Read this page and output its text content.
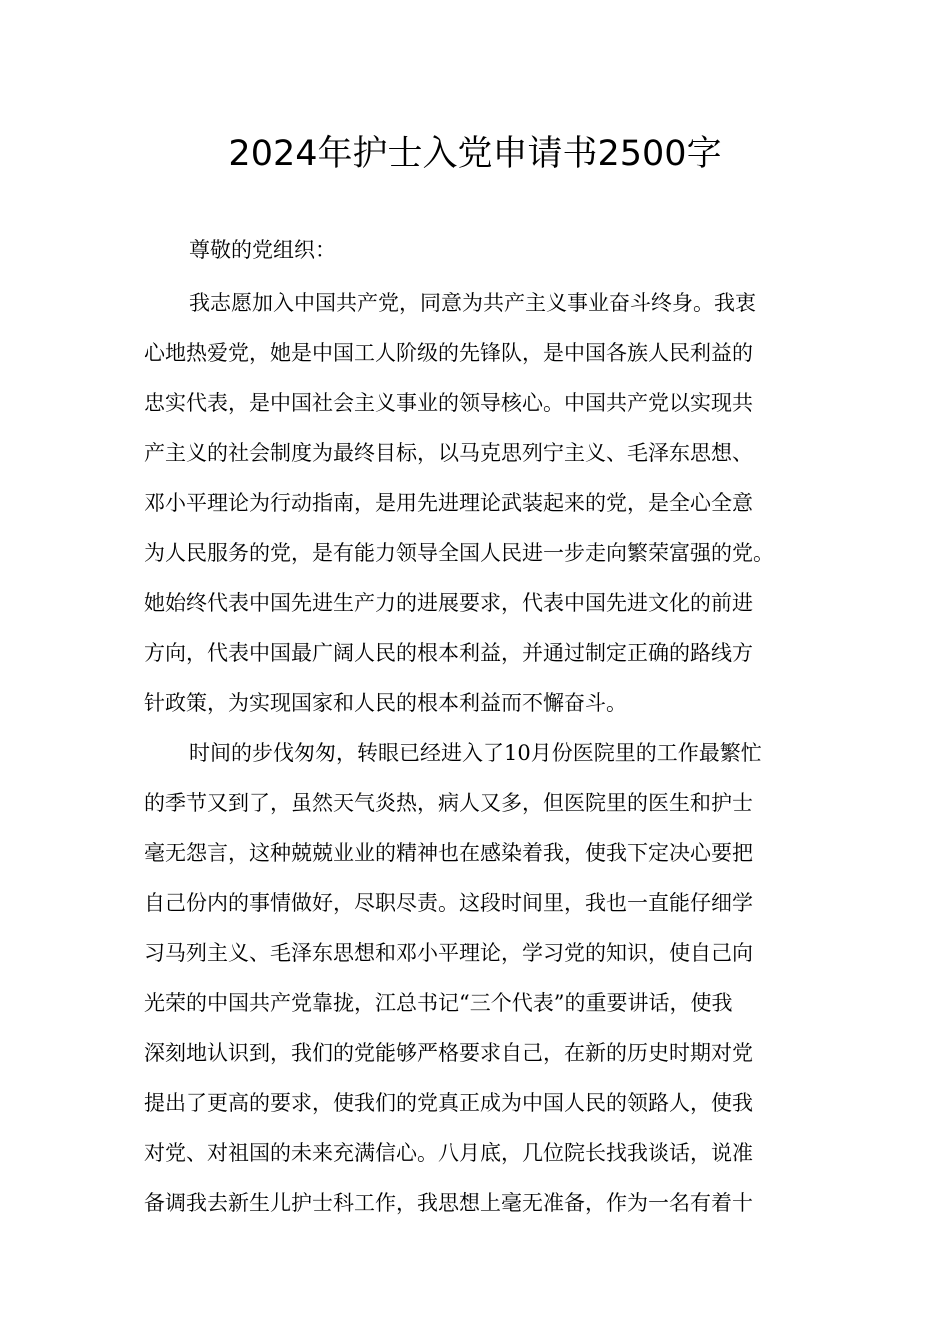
2024年护士入党申请书2500字

尊敬的党组织：

我志愿加入中国共产党，同意为共产主义事业奋斗终身。我衷
心地热爱党，她是中国工人阶级的先锋队，是中国各族人民利益的
忠实代表，是中国社会主义事业的领导核心。中国共产党以实现共
产主义的社会制度为最终目标，以马克思列宁主义、毛泽东思想、
邓小平理论为行动指南，是用先进理论武装起来的党，是全心全意
为人民服务的党，是有能力领导全国人民进一步走向繁荣富强的党。
她始终代表中国先进生产力的进展要求，代表中国先进文化的前进
方向，代表中国最广阔人民的根本利益，并通过制定正确的路线方
针政策，为实现国家和人民的根本利益而不懈奋斗。
时间的步伐匆匆，转眼已经进入了10月份医院里的工作最繁忙
的季节又到了，虽然天气炎热，病人又多，但医院里的医生和护士
毫无怨言，这种兢兢业业的精神也在感染着我，使我下定决心要把
自己份内的事情做好，尽职尽责。这段时间里，我也一直能仔细学
习马列主义、毛泽东思想和邓小平理论，学习党的知识，使自己向
光荣的中国共产党靠拢，江总书记“三个代表”的重要讲话，使我
深刻地认识到，我们的党能够严格要求自己，在新的历史时期对党
提出了更高的要求，使我们的党真正成为中国人民的领路人，使我
对党、对祖国的未来充满信心。八月底，几位院长找我谈话，说准
备调我去新生儿护士科工作，我思想上毫无准备，作为一名有着十
